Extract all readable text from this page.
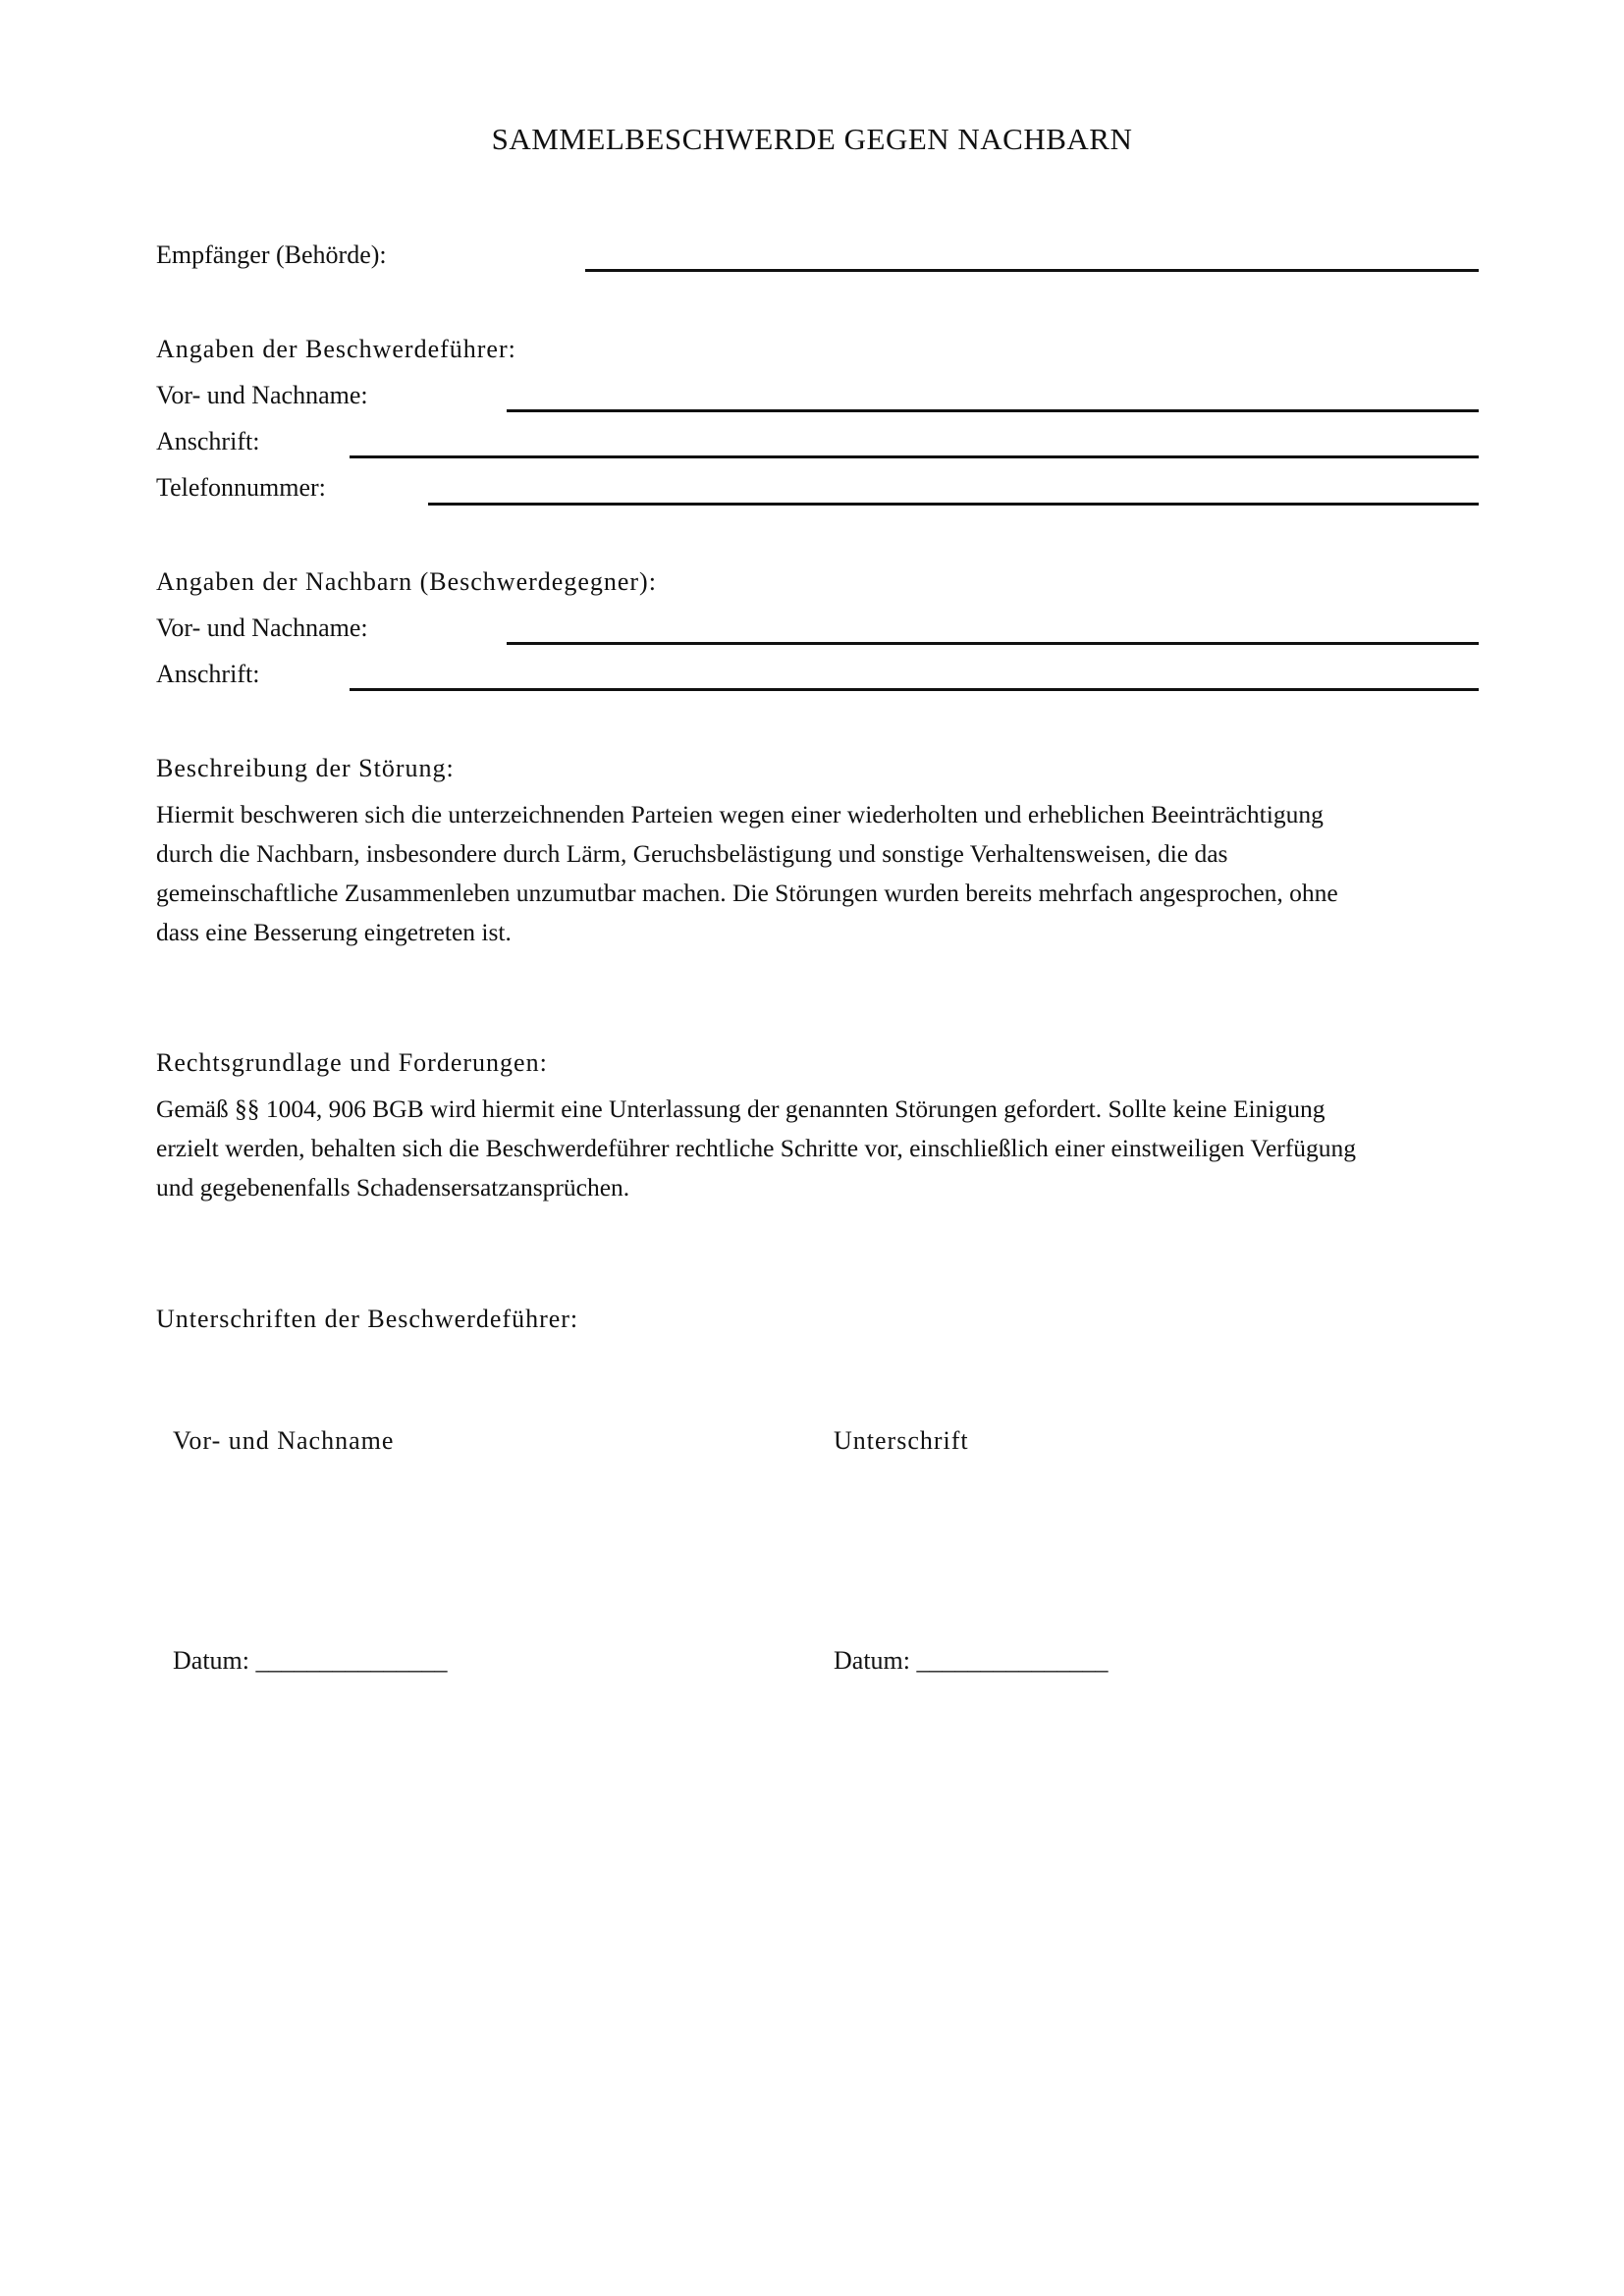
SAMMELBESCHWERDE GEGEN NACHBARN
Empfänger (Behörde):
Angaben der Beschwerdeführer:
Vor- und Nachname:
Anschrift:
Telefonnummer:
Angaben der Nachbarn (Beschwerdegegner):
Vor- und Nachname:
Anschrift:
Beschreibung der Störung:
Hiermit beschweren sich die unterzeichnenden Parteien wegen einer wiederholten und erheblichen Beeinträchtigung
durch die Nachbarn, insbesondere durch Lärm, Geruchsbelästigung und sonstige Verhaltensweisen, die das
gemeinschaftliche Zusammenleben unzumutbar machen. Die Störungen wurden bereits mehrfach angesprochen, ohne
dass eine Besserung eingetreten ist.
Rechtsgrundlage und Forderungen:
Gemäß §§ 1004, 906 BGB wird hiermit eine Unterlassung der genannten Störungen gefordert. Sollte keine Einigung
erzielt werden, behalten sich die Beschwerdeführer rechtliche Schritte vor, einschließlich einer einstweiligen Verfügung
und gegebenenfalls Schadensersatzansprüchen.
Unterschriften der Beschwerdeführer:
Vor- und Nachname	Unterschrift
Datum: _______________	Datum: _______________
